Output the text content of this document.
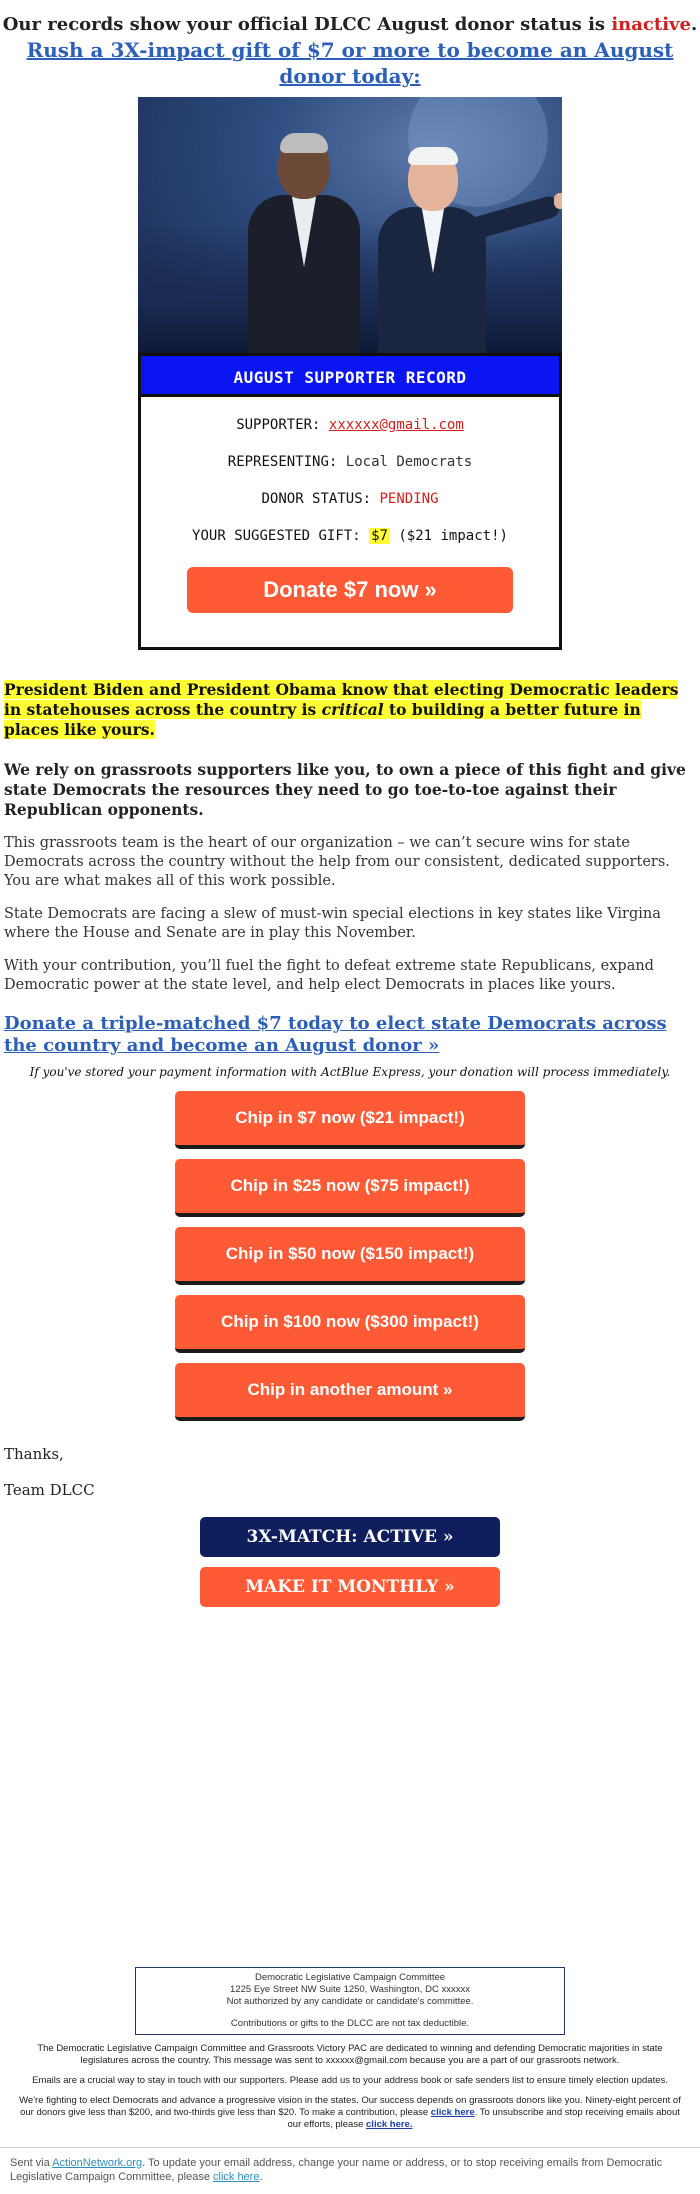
Our records show your official DLCC August donor status is inactive.
Rush a 3X-impact gift of $7 or more to become an August donor today:
AUGUST SUPPORTER RECORD
SUPPORTER: xxxxxx@gmail.com
REPRESENTING: Local Democrats
DONOR STATUS: PENDING
YOUR SUGGESTED GIFT: $7 ($21 impact!)
Donate $7 now »
President Biden and President Obama know that electing Democratic leaders in statehouses across the country is critical to building a better future in places like yours.
We rely on grassroots supporters like you, to own a piece of this fight and give state Democrats the resources they need to go toe-to-toe against their Republican opponents.
This grassroots team is the heart of our organization – we can’t secure wins for state Democrats across the country without the help from our consistent, dedicated supporters. You are what makes all of this work possible.
State Democrats are facing a slew of must-win special elections in key states like Virgina where the House and Senate are in play this November.
With your contribution, you’ll fuel the fight to defeat extreme state Republicans, expand Democratic power at the state level, and help elect Democrats in places like yours.
Donate a triple-matched $7 today to elect state Democrats across the country and become an August donor »
If you've stored your payment information with ActBlue Express, your donation will process immediately.
Chip in $7 now ($21 impact!)
Chip in $25 now ($75 impact!)
Chip in $50 now ($150 impact!)
Chip in $100 now ($300 impact!)
Chip in another amount »
Thanks,
Team DLCC
3X-MATCH: ACTIVE »
MAKE IT MONTHLY »
Democratic Legislative Campaign Committee
1225 Eye Street NW Suite 1250, Washington, DC xxxxxx
Not authorized by any candidate or candidate's committee.
Contributions or gifts to the DLCC are not tax deductible.
The Democratic Legislative Campaign Committee and Grassroots Victory PAC are dedicated to winning and defending Democratic majorities in state legislatures across the country. This message was sent to xxxxxx@gmail.com because you are a part of our grassroots network.
Emails are a crucial way to stay in touch with our supporters. Please add us to your address book or safe senders list to ensure timely election updates.
We're fighting to elect Democrats and advance a progressive vision in the states. Our success depends on grassroots donors like you. Ninety-eight percent of our donors give less than $200, and two-thirds give less than $20. To make a contribution, please click here. To unsubscribe and stop receiving emails about our efforts, please click here.
Sent via ActionNetwork.org. To update your email address, change your name or address, or to stop receiving emails from Democratic Legislative Campaign Committee, please click here.
